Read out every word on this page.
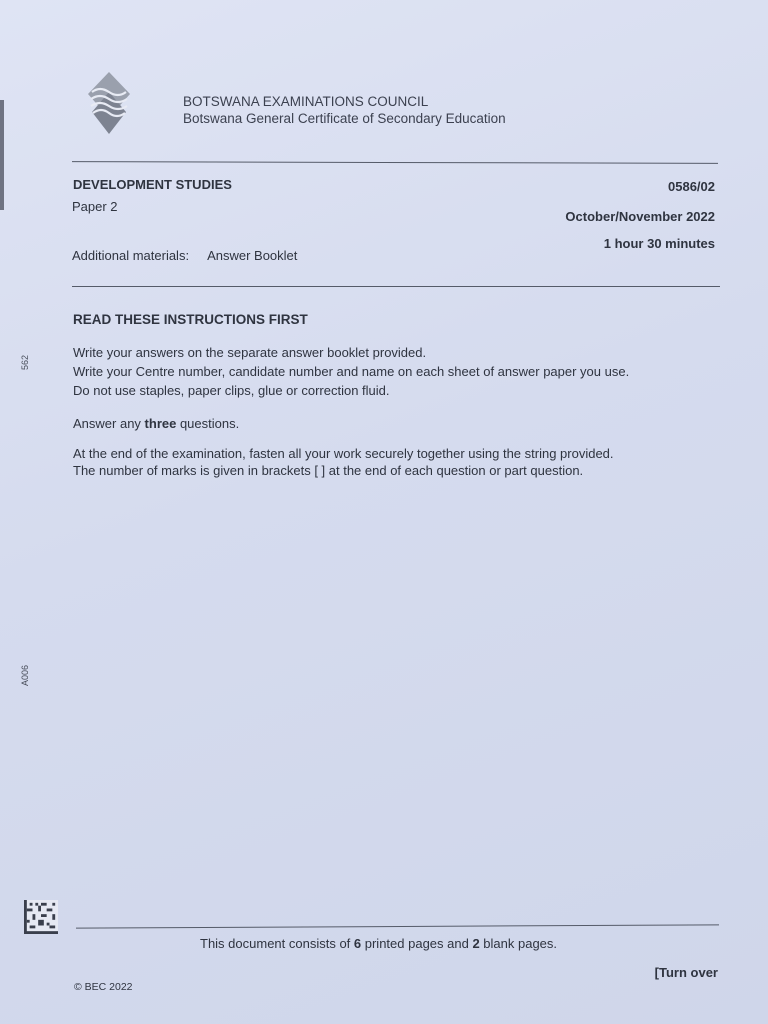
BOTSWANA EXAMINATIONS COUNCIL
Botswana General Certificate of Secondary Education
DEVELOPMENT STUDIES
Paper 2
0586/02
October/November 2022
1 hour 30 minutes
Additional materials: Answer Booklet
READ THESE INSTRUCTIONS FIRST
Write your answers on the separate answer booklet provided.
Write your Centre number, candidate number and name on each sheet of answer paper you use.
Do not use staples, paper clips, glue or correction fluid.
Answer any three questions.
At the end of the examination, fasten all your work securely together using the string provided.
The number of marks is given in brackets [ ] at the end of each question or part question.
562
A006
This document consists of 6 printed pages and 2 blank pages.
[Turn over
© BEC 2022
